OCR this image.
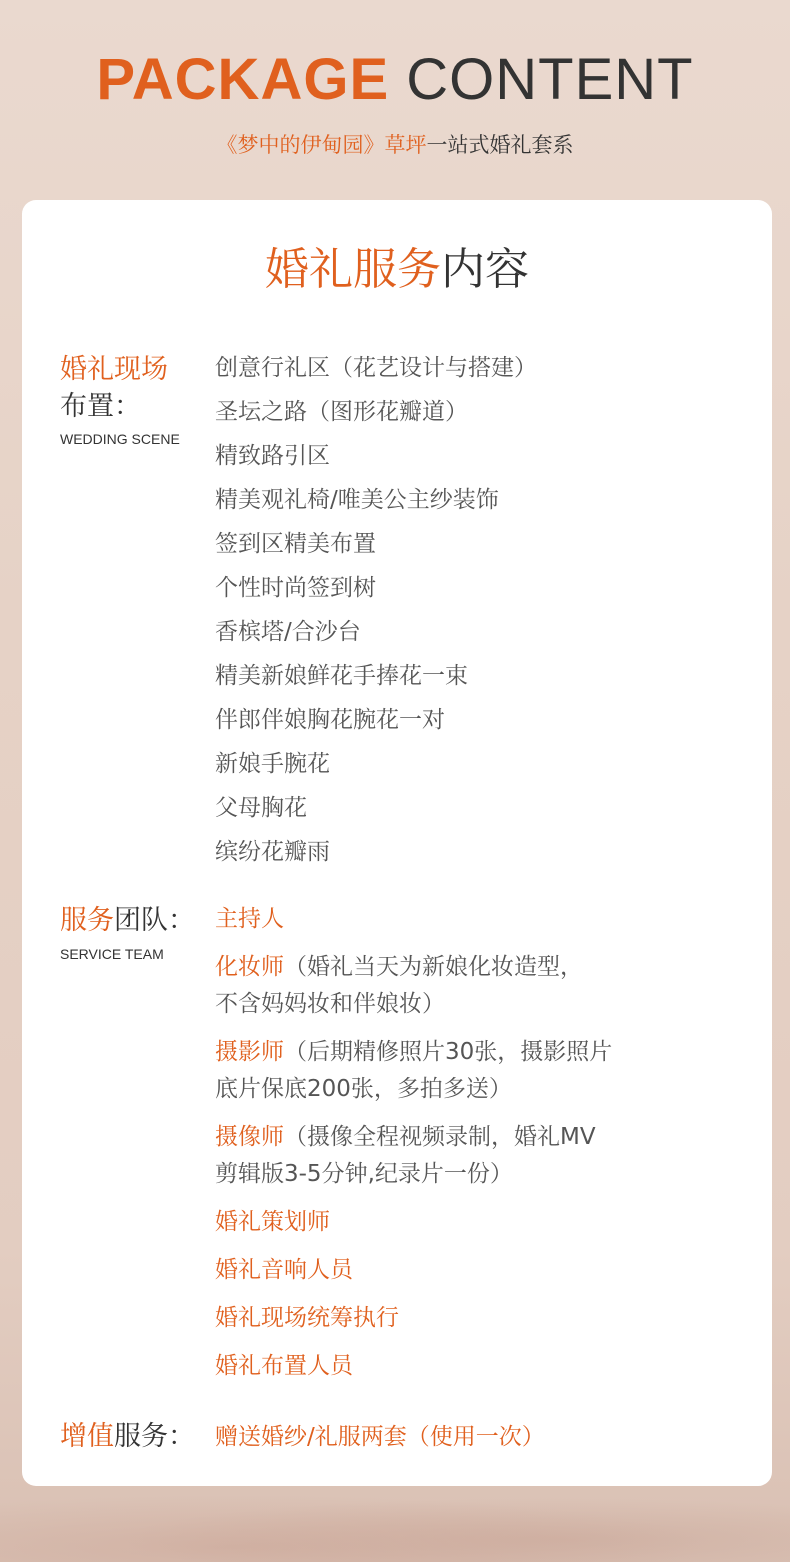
PACKAGE CONTENT
《梦中的伊甸园》草坪一站式婚礼套系
婚礼服务内容
婚礼现场
布置：
WEDDING SCENE
创意行礼区（花艺设计与搭建）
圣坛之路（图形花瓣道）
精致路引区
精美观礼椅/唯美公主纱装饰
签到区精美布置
个性时尚签到树
香槟塔/合沙台
精美新娘鲜花手捧花一束
伴郎伴娘胸花腕花一对
新娘手腕花
父母胸花
缤纷花瓣雨
服务团队：
SERVICE TEAM
主持人
化妆师（婚礼当天为新娘化妆造型，
不含妈妈妆和伴娘妆）
摄影师（后期精修照片30张，摄影照片
底片保底200张，多拍多送）
摄像师（摄像全程视频录制，婚礼MV
剪辑版3-5分钟,纪录片一份）
婚礼策划师
婚礼音响人员
婚礼现场统筹执行
婚礼布置人员
增值服务： 赠送婚纱/礼服两套（使用一次）
